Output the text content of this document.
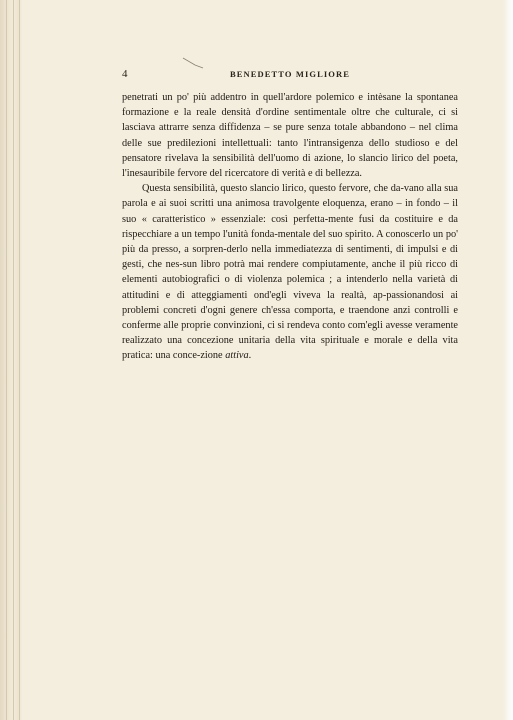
4	BENEDETTO MIGLIORE

penetrati un po' più addentro in quell'ardore polemico e intèsane la spontanea formazione e la reale densità d'ordine sentimentale oltre che culturale, ci si lasciava attrarre senza diffidenza – se pure senza totale abbandono – nel clima delle sue predilezioni intellettuali: tanto l'intransigenza dello studioso e del pensatore rivelava la sensibilità dell'uomo di azione, lo slancio lirico del poeta, l'inesauribile fervore del ricercatore di verità e di bellezza.

Questa sensibilità, questo slancio lirico, questo fervore, che da-vano alla sua parola e ai suoi scritti una animosa travolgente eloquenza, erano – in fondo – il suo « caratteristico » essenziale: così perfetta-mente fusi da costituire e da rispecchiare a un tempo l'unità fonda-mentale del suo spirito. A conoscerlo un po' più da presso, a sorpren-derlo nella immediatezza di sentimenti, di impulsi e di gesti, che nes-sun libro potrà mai rendere compiutamente, anche il più ricco di elementi autobiografici o di violenza polemica ; a intenderlo nella varietà di attitudini e di atteggiamenti ond'egli viveva la realtà, ap-passionandosi ai problemi concreti d'ogni genere ch'essa comporta, e traendone anzi controlli e conferme alle proprie convinzioni, ci si rendeva conto com'egli avesse veramente realizzato una concezione unitaria della vita spirituale e morale e della vita pratica: una conce-zione attiva.
